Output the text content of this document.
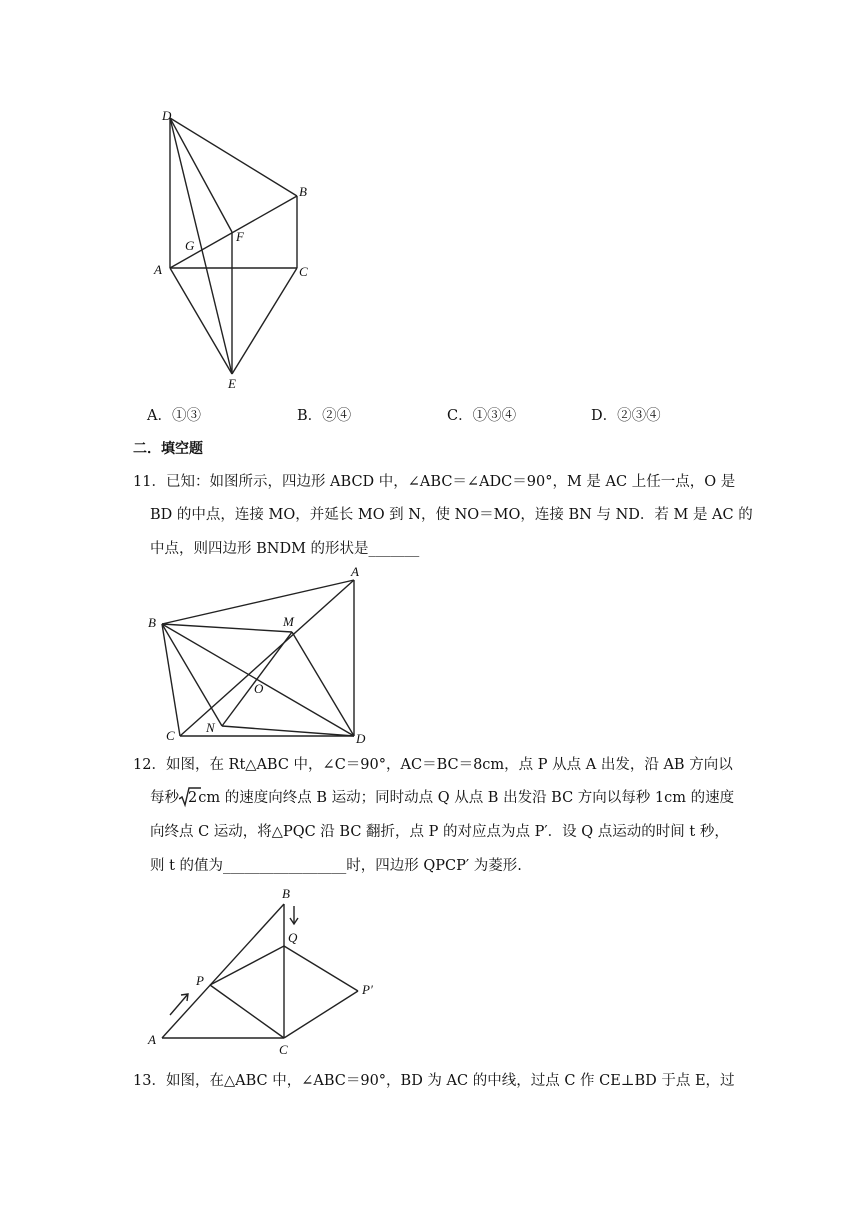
D
B
G
F
A	C
E
A．①③	B．②④	C．①③④	D．②③④
二．填空题
11．已知：如图所示，四边形 ABCD 中，∠ABC＝∠ADC＝90°，M 是 AC 上任一点，O 是
BD 的中点，连接 MO，并延长 MO 到 N，使 NO＝MO，连接 BN 与 ND．若 M 是 AC 的
中点，则四边形 BNDM 的形状是_______
A
B	M
O
C
N
D
12．如图，在 Rt△ABC 中，∠C＝90°，AC＝BC＝8cm，点 P 从点 A 出发，沿 AB 方向以
每秒 2cm 的速度向终点 B 运动；同时动点 Q 从点 B 出发沿 BC 方向以每秒 1cm 的速度
向终点 C 运动，将△PQC 沿 BC 翻折，点 P 的对应点为点 P′．设 Q 点运动的时间 t 秒，
则 t 的值为_________________时，四边形 QPCP′ 为菱形.
B
Q
P
P′
A
C
13．如图，在△ABC 中，∠ABC＝90°，BD 为 AC 的中线，过点 C 作 CE⊥BD 于点 E，过
